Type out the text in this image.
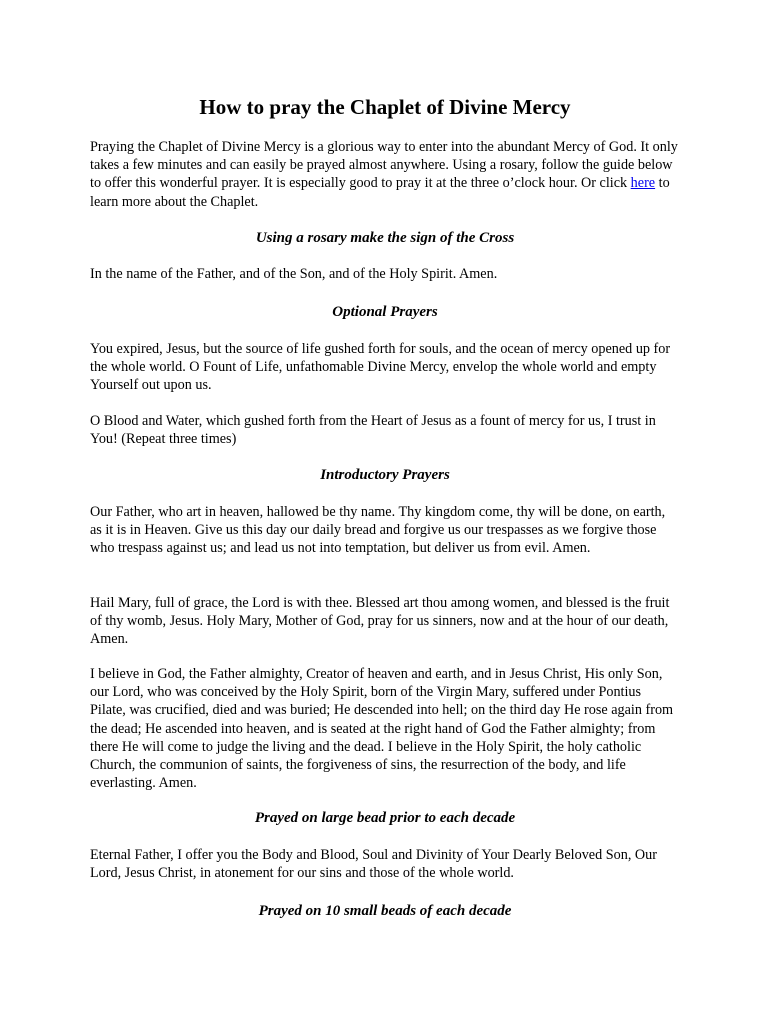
How to pray the Chaplet of Divine Mercy

Praying the Chaplet of Divine Mercy is a glorious way to enter into the abundant Mercy of God. It only takes a few minutes and can easily be prayed almost anywhere. Using a rosary, follow the guide below to offer this wonderful prayer. It is especially good to pray it at the three o’clock hour. Or click here to learn more about the Chaplet.

Using a rosary make the sign of the Cross

In the name of the Father, and of the Son, and of the Holy Spirit. Amen.

Optional Prayers

You expired, Jesus, but the source of life gushed forth for souls, and the ocean of mercy opened up for the whole world. O Fount of Life, unfathomable Divine Mercy, envelop the whole world and empty Yourself out upon us.

O Blood and Water, which gushed forth from the Heart of Jesus as a fount of mercy for us, I trust in You! (Repeat three times)

Introductory Prayers

Our Father, who art in heaven, hallowed be thy name. Thy kingdom come, thy will be done, on earth, as it is in Heaven. Give us this day our daily bread and forgive us our trespasses as we forgive those who trespass against us; and lead us not into temptation, but deliver us from evil. Amen.

Hail Mary, full of grace, the Lord is with thee. Blessed art thou among women, and blessed is the fruit of thy womb, Jesus. Holy Mary, Mother of God, pray for us sinners, now and at the hour of our death, Amen.

I believe in God, the Father almighty, Creator of heaven and earth, and in Jesus Christ, His only Son, our Lord, who was conceived by the Holy Spirit, born of the Virgin Mary, suffered under Pontius Pilate, was crucified, died and was buried; He descended into hell; on the third day He rose again from the dead; He ascended into heaven, and is seated at the right hand of God the Father almighty; from there He will come to judge the living and the dead. I believe in the Holy Spirit, the holy catholic Church, the communion of saints, the forgiveness of sins, the resurrection of the body, and life everlasting. Amen.

Prayed on large bead prior to each decade

Eternal Father, I offer you the Body and Blood, Soul and Divinity of Your Dearly Beloved Son, Our Lord, Jesus Christ, in atonement for our sins and those of the whole world.

Prayed on 10 small beads of each decade
